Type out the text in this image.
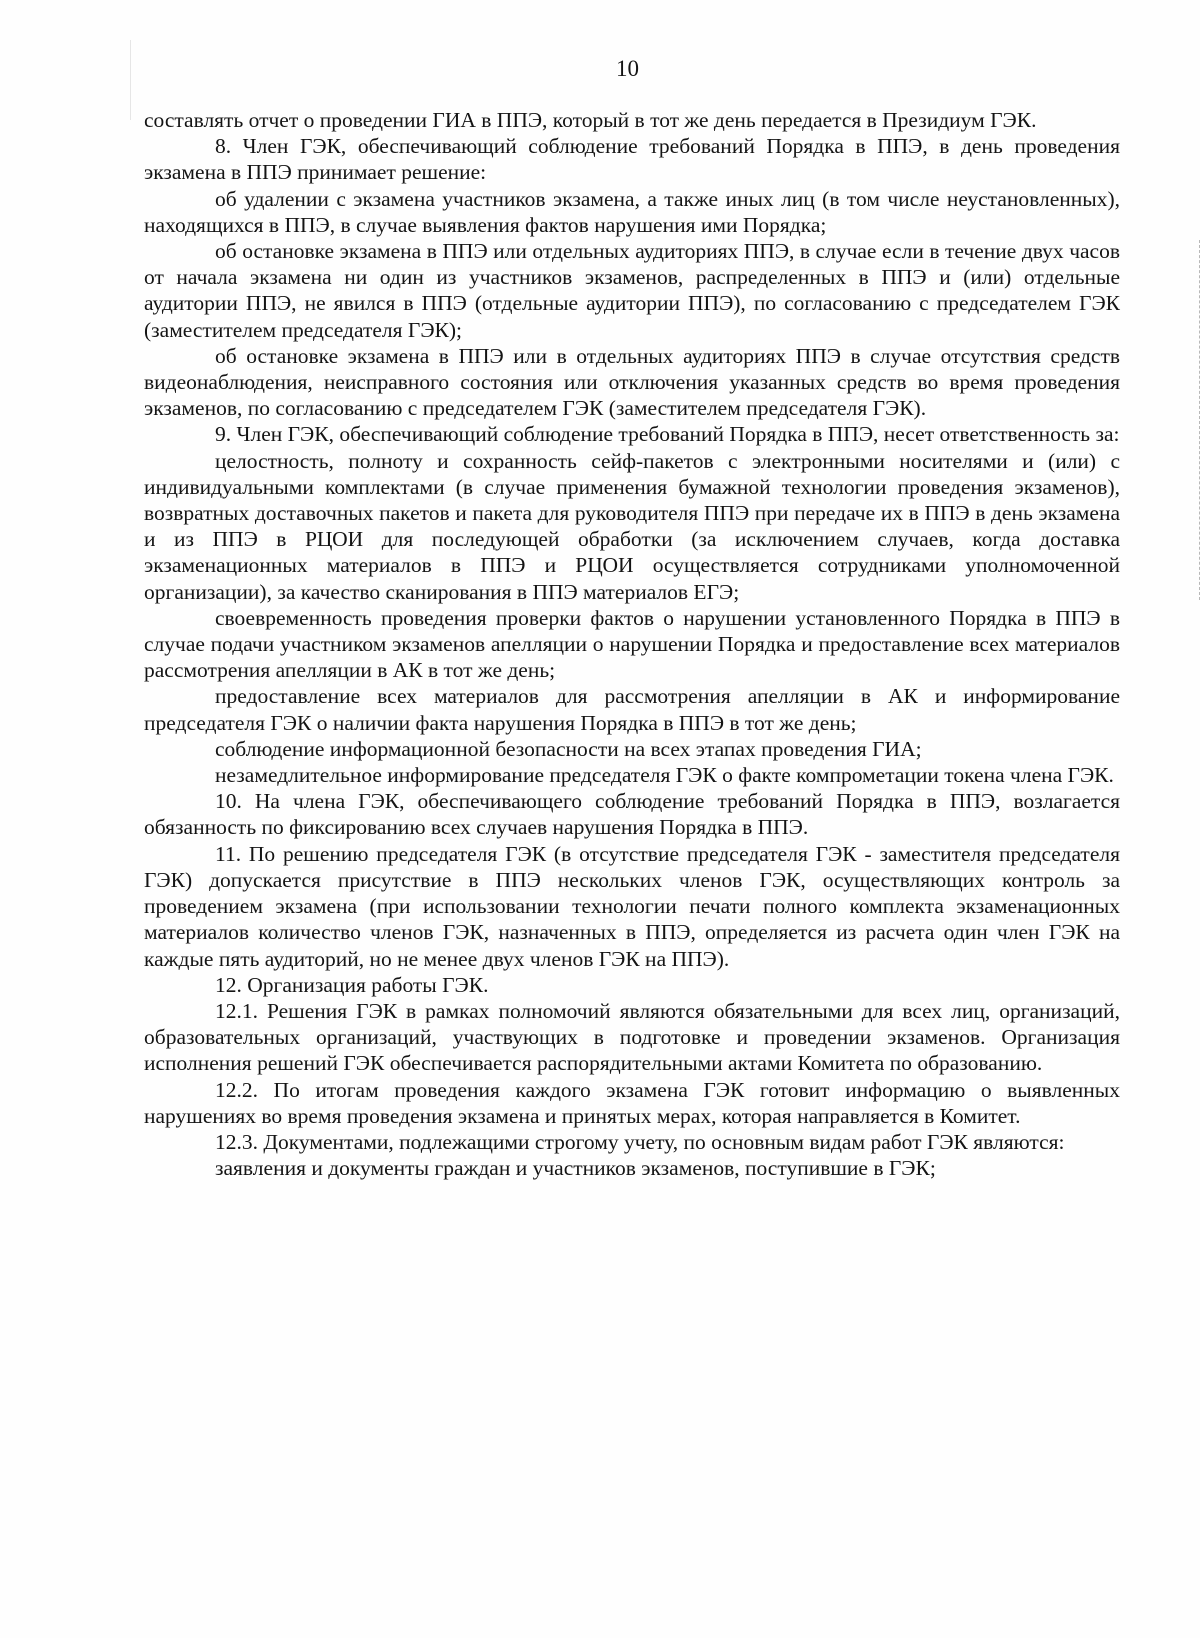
10

составлять отчет о проведении ГИА в ППЭ, который в тот же день передается в Президиум ГЭК.

8. Член ГЭК, обеспечивающий соблюдение требований Порядка в ППЭ, в день проведения экзамена в ППЭ принимает решение:

об удалении с экзамена участников экзамена, а также иных лиц (в том числе неустановленных), находящихся в ППЭ, в случае выявления фактов нарушения ими Порядка;

об остановке экзамена в ППЭ или отдельных аудиториях ППЭ, в случае если в течение двух часов от начала экзамена ни один из участников экзаменов, распределенных в ППЭ и (или) отдельные аудитории ППЭ, не явился в ППЭ (отдельные аудитории ППЭ), по согласованию с председателем ГЭК (заместителем председателя ГЭК);

об остановке экзамена в ППЭ или в отдельных аудиториях ППЭ в случае отсутствия средств видеонаблюдения, неисправного состояния или отключения указанных средств во время проведения экзаменов, по согласованию с председателем ГЭК (заместителем председателя ГЭК).

9. Член ГЭК, обеспечивающий соблюдение требований Порядка в ППЭ, несет ответственность за:

целостность, полноту и сохранность сейф-пакетов с электронными носителями и (или) с индивидуальными комплектами (в случае применения бумажной технологии проведения экзаменов), возвратных доставочных пакетов и пакета для руководителя ППЭ при передаче их в ППЭ в день экзамена и из ППЭ в РЦОИ для последующей обработки (за исключением случаев, когда доставка экзаменационных материалов в ППЭ и РЦОИ осуществляется сотрудниками уполномоченной организации), за качество сканирования в ППЭ материалов ЕГЭ;

своевременность проведения проверки фактов о нарушении установленного Порядка в ППЭ в случае подачи участником экзаменов апелляции о нарушении Порядка и предоставление всех материалов рассмотрения апелляции в АК в тот же день;

предоставление всех материалов для рассмотрения апелляции в АК и информирование председателя ГЭК о наличии факта нарушения Порядка в ППЭ в тот же день;

соблюдение информационной безопасности на всех этапах проведения ГИА;

незамедлительное информирование председателя ГЭК о факте компрометации токена члена ГЭК.

10. На члена ГЭК, обеспечивающего соблюдение требований Порядка в ППЭ, возлагается обязанность по фиксированию всех случаев нарушения Порядка в ППЭ.

11. По решению председателя ГЭК (в отсутствие председателя ГЭК - заместителя председателя ГЭК) допускается присутствие в ППЭ нескольких членов ГЭК, осуществляющих контроль за проведением экзамена (при использовании технологии печати полного комплекта экзаменационных материалов количество членов ГЭК, назначенных в ППЭ, определяется из расчета один член ГЭК на каждые пять аудиторий, но не менее двух членов ГЭК на ППЭ).

12. Организация работы ГЭК.

12.1. Решения ГЭК в рамках полномочий являются обязательными для всех лиц, организаций, образовательных организаций, участвующих в подготовке и проведении экзаменов. Организация исполнения решений ГЭК обеспечивается распорядительными актами Комитета по образованию.

12.2. По итогам проведения каждого экзамена ГЭК готовит информацию о выявленных нарушениях во время проведения экзамена и принятых мерах, которая направляется в Комитет.

12.3. Документами, подлежащими строгому учету, по основным видам работ ГЭК являются:

заявления и документы граждан и участников экзаменов, поступившие в ГЭК;
